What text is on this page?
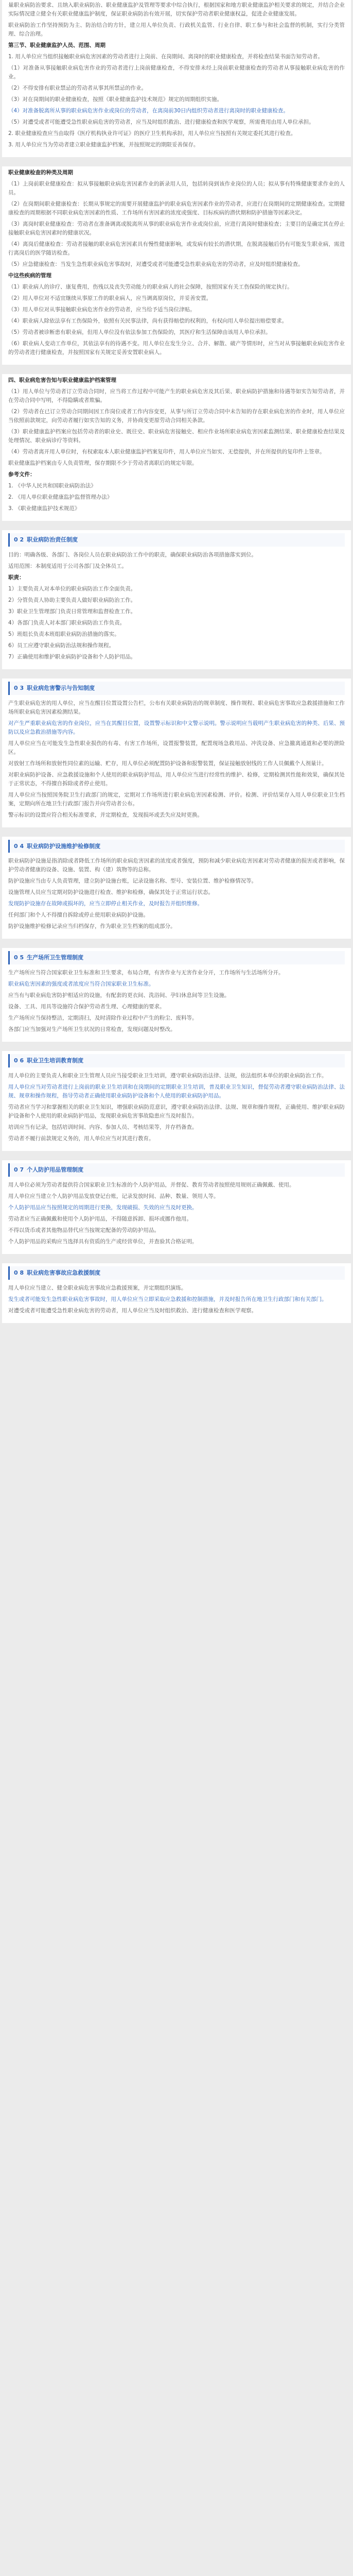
量职业病防治要求、且纳入职业病防治、职业健康监护及管理等要求中综合执行，根据国家和地方职业健康监护相关要求的规定，并结合企业实际情况建立健全有关职业健康监护制度，保证职业病防治有效开展，切实保护劳动者职业健康权益，促进企业健康发展。

职业病防治工作坚持预防为主、防治结合的方针，建立用人单位负责、行政机关监管、行业自律、职工参与和社会监督的机制，实行分类管理、综合治理。

第三节、职业健康监护人员、范围、周期

1. 用人单位应当组织接触职业病危害因素的劳动者进行上岗前、在岗期间、离岗时的职业健康检查，并将检查结果书面告知劳动者。

（1）对准备从事接触职业病危害作业的劳动者进行上岗前健康检查，不得安排未经上岗前职业健康检查的劳动者从事接触职业病危害的作业。

（2）不得安排有职业禁忌的劳动者从事其所禁忌的作业。

（3）对在岗期间的职业健康检查，按照《职业健康监护技术规范》规定的周期组织实施。

（4）对准备脱离所从事的职业病危害作业或岗位的劳动者，在离岗前30日内组织劳动者进行离岗时的职业健康检查。

（5）对遭受或者可能遭受急性职业病危害的劳动者，应当及时组织救治、进行健康检查和医学观察，所需费用由用人单位承担。

2. 职业健康检查应当由取得《医疗机构执业许可证》的医疗卫生机构承担，用人单位应当按照有关规定委托其进行检查。

3. 用人单位应当为劳动者建立职业健康监护档案，并按照规定的期限妥善保存。

职业健康检查的种类及周期

（1）上岗前职业健康检查：拟从事接触职业病危害因素作业的新录用人员，包括转岗到该作业岗位的人员；拟从事有特殊健康要求作业的人员。

（2）在岗期间职业健康检查：长期从事规定的需要开展健康监护的职业病危害因素作业的劳动者，应进行在岗期间的定期健康检查。定期健康检查的周期根据不同职业病危害因素的性质、工作场所有害因素的浓度或强度、目标疾病的潜伏期和防护措施等因素决定。

（3）离岗时职业健康检查：劳动者在准备调离或脱离所从事的职业病危害作业或岗位前，应进行离岗时健康检查；主要目的是确定其在停止接触职业病危害因素时的健康状况。

（4）离岗后健康检查：劳动者接触的职业病危害因素具有慢性健康影响，或发病有较长的潜伏期，在脱离接触后仍有可能发生职业病，需进行离岗后的医学随访检查。

（5）应急健康检查：当发生急性职业病危害事故时，对遭受或者可能遭受急性职业病危害的劳动者，应及时组织健康检查。

中这些疾病的管理

（1）职业病人的诊疗、康复费用，伤残以及丧失劳动能力的职业病人的社会保障，按照国家有关工伤保险的规定执行。

（2）用人单位对不适宜继续从事原工作的职业病人，应当调离原岗位，并妥善安置。

（3）用人单位对从事接触职业病危害作业的劳动者，应当给予适当岗位津贴。

（4）职业病人除依法享有工伤保险外，依照有关民事法律，尚有获得赔偿的权利的，有权向用人单位提出赔偿要求。

（5）劳动者被诊断患有职业病，但用人单位没有依法参加工伤保险的，其医疗和生活保障由该用人单位承担。

（6）职业病人变动工作单位，其依法享有的待遇不变。用人单位在发生分立、合并、解散、破产等情形时，应当对从事接触职业病危害作业的劳动者进行健康检查，并按照国家有关规定妥善安置职业病人。

四、职业病危害告知与职业健康监护档案管理

（1）用人单位与劳动者订立劳动合同时，应当将工作过程中可能产生的职业病危害及其后果、职业病防护措施和待遇等如实告知劳动者，并在劳动合同中写明，不得隐瞒或者欺骗。

（2）劳动者在已订立劳动合同期间因工作岗位或者工作内容变更，从事与所订立劳动合同中未告知的存在职业病危害的作业时，用人单位应当依照前款规定，向劳动者履行如实告知的义务，并协商变更原劳动合同相关条款。

（3）职业健康监护档案应包括劳动者的职业史、既往史、职业病危害接触史、相应作业场所职业病危害因素监测结果、职业健康检查结果及处理情况、职业病诊疗等资料。

（4）劳动者离开用人单位时，有权索取本人职业健康监护档案复印件，用人单位应当如实、无偿提供，并在所提供的复印件上签章。

职业健康监护档案由专人负责管理，保存期限不少于劳动者离职后的规定年限。

参考文件：

1. 《中华人民共和国职业病防治法》

2. 《用人单位职业健康监护监督管理办法》

3. 《职业健康监护技术规范》

0 2 职业病防治责任制度

目的：明确各级、各部门、各岗位人员在职业病防治工作中的职责，确保职业病防治各项措施落实到位。

适用范围：本制度适用于公司各部门及全体员工。

职责：

1）主要负责人对本单位的职业病防治工作全面负责。

2）分管负责人协助主要负责人做好职业病防治工作。

3）职业卫生管理部门负责日常管理和监督检查工作。

4）各部门负责人对本部门职业病防治工作负责。

5）班组长负责本班组职业病防治措施的落实。

6）员工应遵守职业病防治法规和操作规程。

7）正确使用和维护职业病防护设备和个人防护用品。

0 3 职业病危害警示与告知制度

产生职业病危害的用人单位，应当在醒目位置设置公告栏，公布有关职业病防治的规章制度、操作规程、职业病危害事故应急救援措施和工作场所职业病危害因素检测结果。

对产生严重职业病危害的作业岗位，应当在其醒目位置，设置警示标识和中文警示说明。警示说明应当载明产生职业病危害的种类、后果、预防以及应急救治措施等内容。

用人单位应当在可能发生急性职业损伤的有毒、有害工作场所，设置报警装置，配置现场急救用品、冲洗设备、应急撤离通道和必要的泄险区。

对放射工作场所和放射性同位素的运输、贮存，用人单位必须配置防护设备和报警装置，保证接触放射线的工作人员佩戴个人剂量计。

对职业病防护设备、应急救援设施和个人使用的职业病防护用品，用人单位应当进行经常性的维护、检修，定期检测其性能和效果，确保其处于正常状态，不得擅自拆除或者停止使用。

用人单位应当按照国务院卫生行政部门的规定，定期对工作场所进行职业病危害因素检测、评价。检测、评价结果存入用人单位职业卫生档案，定期向所在地卫生行政部门报告并向劳动者公布。

警示标识的设置应符合相关标准要求，并定期检查，发现损坏或丢失应及时更换。

0 4 职业病防护设施维护检修制度

职业病防护设施是指消除或者降低工作场所的职业病危害因素的浓度或者强度，预防和减少职业病危害因素对劳动者健康的损害或者影响，保护劳动者健康的设备、设施、装置、构（建）筑物等的总称。

防护设施应当由专人负责管理，建立防护设施台账，记录设施名称、型号、安装位置、维护检修情况等。

设施管理人员应当定期对防护设施进行检查、维护和检修，确保其处于正常运行状态。

发现防护设施存在故障或损坏的，应当立即停止相关作业，及时报告并组织维修。

任何部门和个人不得擅自拆除或停止使用职业病防护设施。

防护设施维护检修记录应当归档保存，作为职业卫生档案的组成部分。

0 5 生产场所卫生管理制度

生产场所应当符合国家职业卫生标准和卫生要求，布局合理，有害作业与无害作业分开，工作场所与生活场所分开。

职业病危害因素的强度或者浓度应当符合国家职业卫生标准。

应当有与职业病危害防护相适应的设施，有配套的更衣间、洗浴间、孕妇休息间等卫生设施。

设备、工具、用具等设施符合保护劳动者生理、心理健康的要求。

生产场所应当保持整洁，定期清扫，及时清除作业过程中产生的粉尘、废料等。

各部门应当加强对生产场所卫生状况的日常检查，发现问题及时整改。

0 6 职业卫生培训教育制度

用人单位的主要负责人和职业卫生管理人员应当接受职业卫生培训，遵守职业病防治法律、法规，依法组织本单位的职业病防治工作。

用人单位应当对劳动者进行上岗前的职业卫生培训和在岗期间的定期职业卫生培训，普及职业卫生知识，督促劳动者遵守职业病防治法律、法规、规章和操作规程，指导劳动者正确使用职业病防护设备和个人使用的职业病防护用品。

劳动者应当学习和掌握相关的职业卫生知识，增强职业病防范意识，遵守职业病防治法律、法规、规章和操作规程，正确使用、维护职业病防护设备和个人使用的职业病防护用品，发现职业病危害事故隐患应当及时报告。

培训应当有记录，包括培训时间、内容、参加人员、考核结果等，并存档备查。

劳动者不履行前款规定义务的，用人单位应当对其进行教育。

0 7 个人防护用品管理制度

用人单位必须为劳动者提供符合国家职业卫生标准的个人防护用品，并督促、教育劳动者按照使用规则正确佩戴、使用。

用人单位应当建立个人防护用品发放登记台账，记录发放时间、品种、数量、领用人等。

个人防护用品应当按照规定的周期进行更换，发现破损、失效的应当及时更换。

劳动者应当正确佩戴和使用个人防护用品，不得随意拆卸、损坏或挪作他用。

不得以货币或者其他物品替代应当按规定配备的劳动防护用品。

个人防护用品的采购应当选择具有资质的生产或经营单位，并查验其合格证明。

0 8 职业病危害事故应急救援制度

用人单位应当建立、健全职业病危害事故应急救援预案，并定期组织演练。

发生或者可能发生急性职业病危害事故时，用人单位应当立即采取应急救援和控制措施，并及时报告所在地卫生行政部门和有关部门。

对遭受或者可能遭受急性职业病危害的劳动者，用人单位应当及时组织救治、进行健康检查和医学观察。
